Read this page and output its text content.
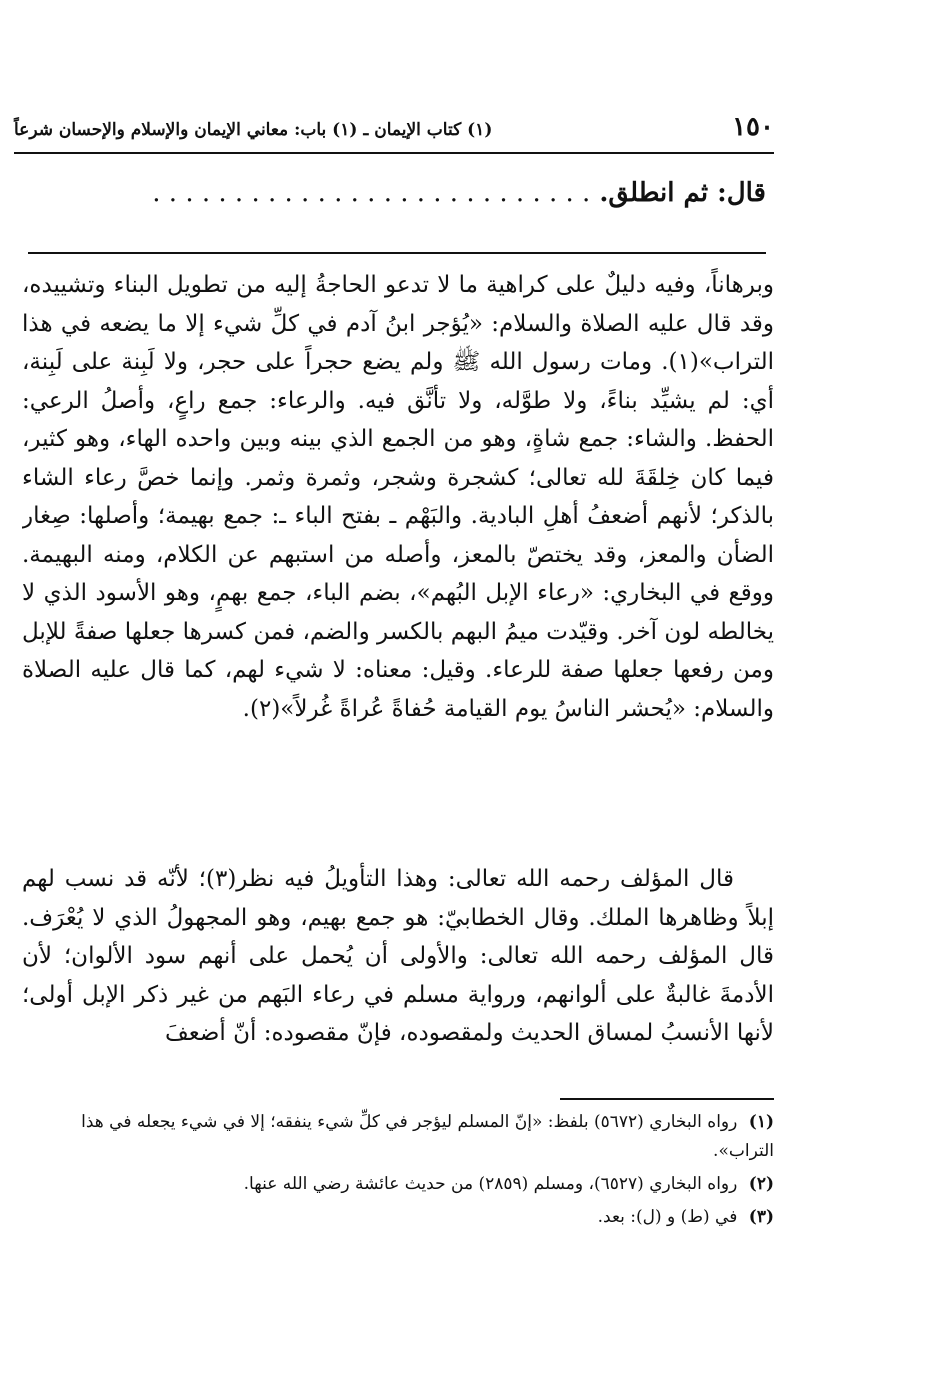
١٥٠
(١) كتاب الإيمان ـ (١) باب: معاني الإيمان والإسلام والإحسان شرعاً
قال: ثم انطلق. . . . . . . . . . . . . . . . . . . . . . . . . . . .

وبرهاناً، وفيه دليلٌ على كراهية ما لا تدعو الحاجةُ إليه من تطويل البناء وتشييده، وقد قال عليه الصلاة والسلام: «يُؤجر ابنُ آدم في كلِّ شيء إلا ما يضعه في هذا التراب»(١). ومات رسول الله ﷺ ولم يضع حجراً على حجر، ولا لَبِنة على لَبِنة، أي: لم يشيِّد بناءً، ولا طوَّله، ولا تأنَّق فيه. والرعاء: جمع راعٍ، وأصلُ الرعي: الحفظ. والشاء: جمع شاةٍ، وهو من الجمع الذي بينه وبين واحده الهاء، وهو كثير، فيما كان خِلقَةَ لله تعالى؛ كشجرة وشجر، وثمرة وثمر. وإنما خصَّ رعاء الشاء بالذكر؛ لأنهم أضعفُ أهلِ البادية. والبَهْم ـ بفتح الباء ـ: جمع بهيمة؛ وأصلها: صِغار الضأن والمعز، وقد يختصّ بالمعز، وأصله من استبهم عن الكلام، ومنه البهيمة. ووقع في البخاري: «رعاء الإبل البُهم»، بضم الباء، جمع بهمٍ، وهو الأسود الذي لا يخالطه لون آخر. وقيّدت ميمُ البهم بالكسر والضم، فمن كسرها جعلها صفةً للإبل ومن رفعها جعلها صفة للرعاء. وقيل: معناه: لا شيء لهم، كما قال عليه الصلاة والسلام: «يُحشر الناسُ يوم القيامة حُفاةً عُراةً غُرلاً»(٢).

قال المؤلف رحمه الله تعالى: وهذا التأويلُ فيه نظر(٣)؛ لأنّه قد نسب لهم إبلاً وظاهرها الملك. وقال الخطابيّ: هو جمع بهيم، وهو المجهولُ الذي لا يُعْرَف. قال المؤلف رحمه الله تعالى: والأولى أن يُحمل على أنهم سود الألوان؛ لأن الأدمةَ غالبةٌ على ألوانهم، ورواية مسلم في رعاء البَهم من غير ذكر الإبل أولى؛ لأنها الأنسبُ لمساق الحديث ولمقصوده، فإنّ مقصوده: أنّ أضعفَ

(١) رواه البخاري (٥٦٧٢) بلفظ: «إنّ المسلم ليؤجر في كلِّ شيء ينفقه؛ إلا في شيء يجعله في هذا التراب».

(٢) رواه البخاري (٦٥٢٧)، ومسلم (٢٨٥٩) من حديث عائشة رضي الله عنها.

(٣) في (ط) و (ل): بعد.
